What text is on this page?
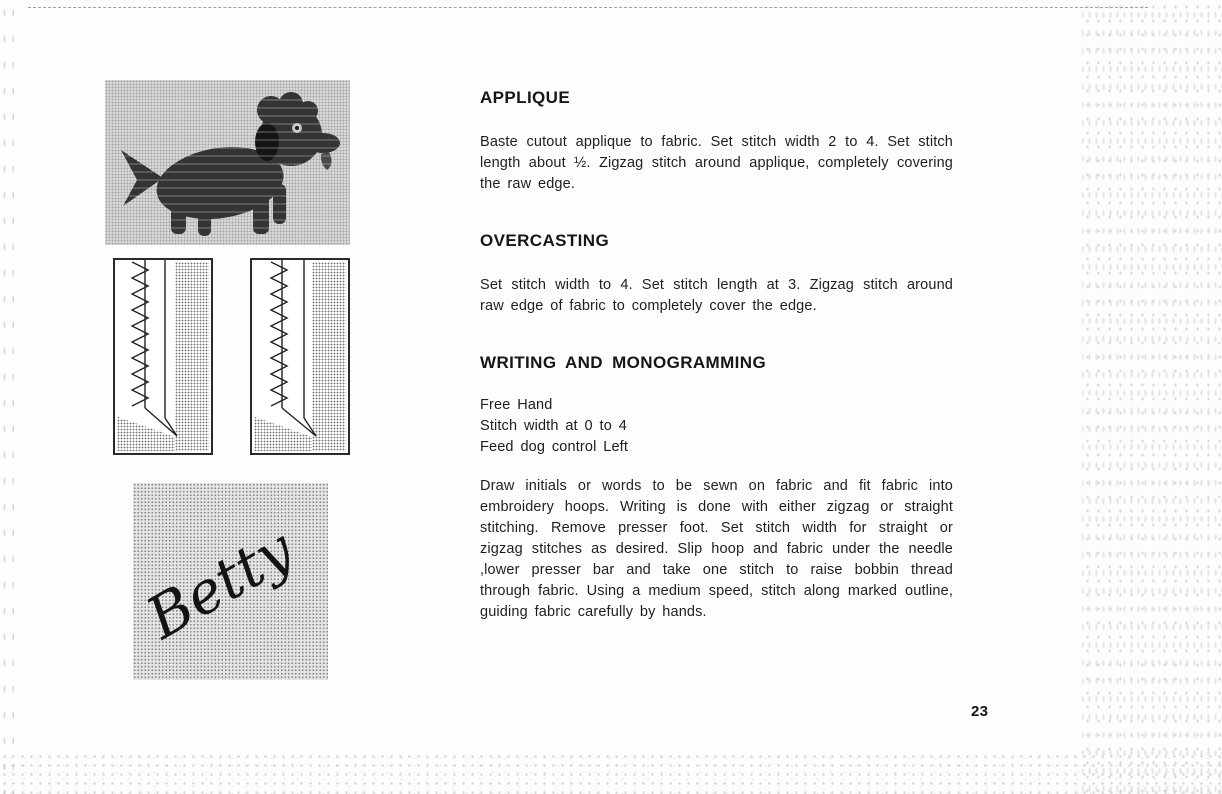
Betty
APPLIQUE

Baste cutout applique to fabric. Set stitch width 2 to 4. Set stitch length about ½. Zigzag stitch around applique, completely covering the raw edge.

OVERCASTING

Set stitch width to 4. Set stitch length at 3. Zigzag stitch around raw edge of fabric to completely cover the edge.

WRITING AND MONOGRAMMING
Free Hand
Stitch width at 0 to 4
Feed dog control Left

Draw initials or words to be sewn on fabric and fit fabric into embroidery hoops. Writing is done with either zigzag or straight stitching. Remove presser foot. Set stitch width for straight or zigzag stitches as desired. Slip hoop and fabric under the needle ,lower presser bar and take one stitch to raise bobbin thread through fabric. Using a medium speed, stitch along marked outline, guiding fabric carefully by hands.

23
